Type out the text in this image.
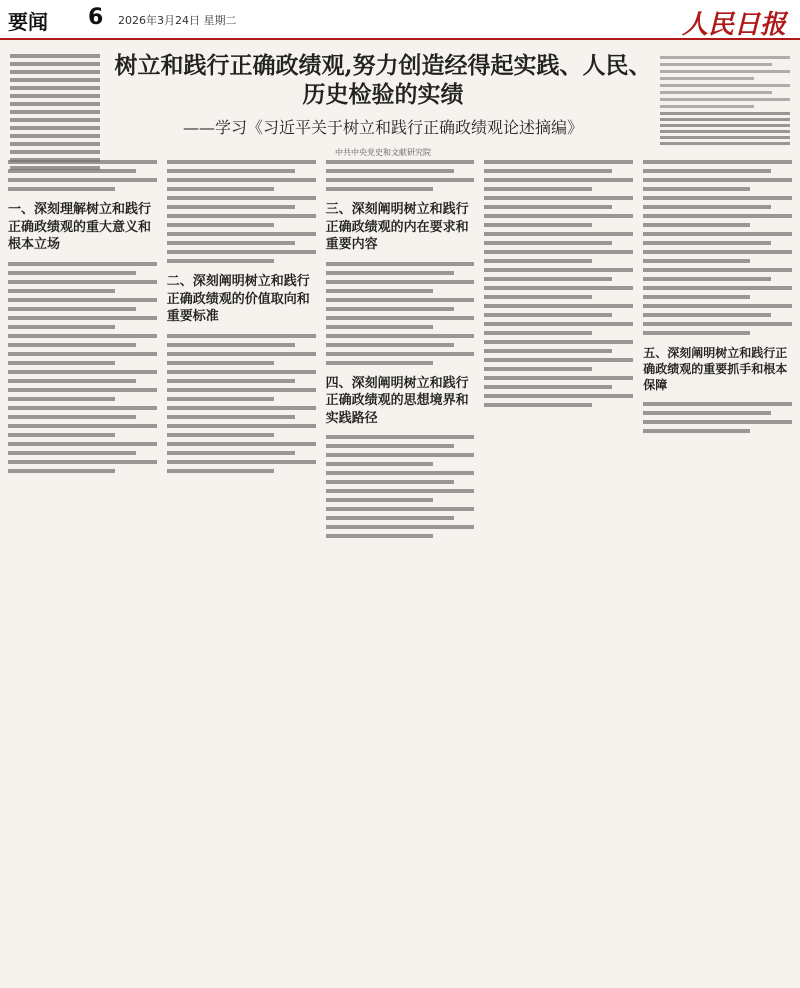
要闻 6 2026年3月24日 星期二	人民日报
树立和践行正确政绩观,努力创造经得起实践、人民、历史检验的实绩
——学习《习近平关于树立和践行正确政绩观论述摘编》
中共中央党史和文献研究院
一、深刻理解树立和践行正确政绩观的重大意义和根本立场
二、深刻阐明树立和践行正确政绩观的价值取向和重要标准
三、深刻阐明树立和践行正确政绩观的内在要求和重要内容
四、深刻阐明树立和践行正确政绩观的思想境界和实践路径
五、深刻阐明树立和践行正确政绩观的重要抓手和根本保障
